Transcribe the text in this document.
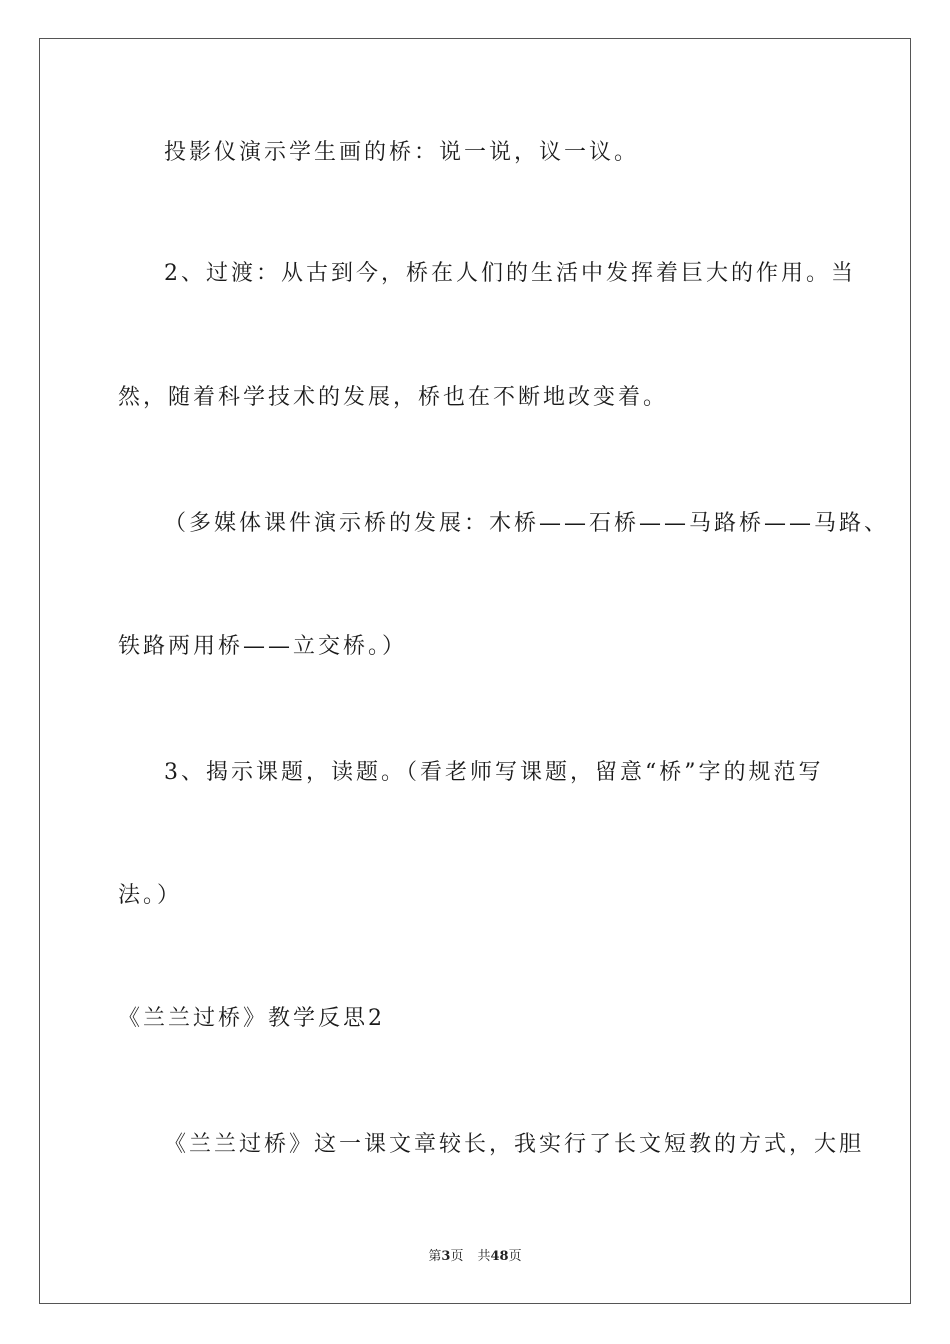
投影仪演示学生画的桥：说一说，议一议。

2、过渡：从古到今，桥在人们的生活中发挥着巨大的作用。当

然，随着科学技术的发展，桥也在不断地改变着。

（多媒体课件演示桥的发展：木桥——石桥——马路桥——马路、

铁路两用桥——立交桥。）

3、揭示课题，读题。（看老师写课题，留意“桥”字的规范写

法。）

《兰兰过桥》教学反思2

《兰兰过桥》这一课文章较长，我实行了长文短教的方式，大胆

第3页 共48页
